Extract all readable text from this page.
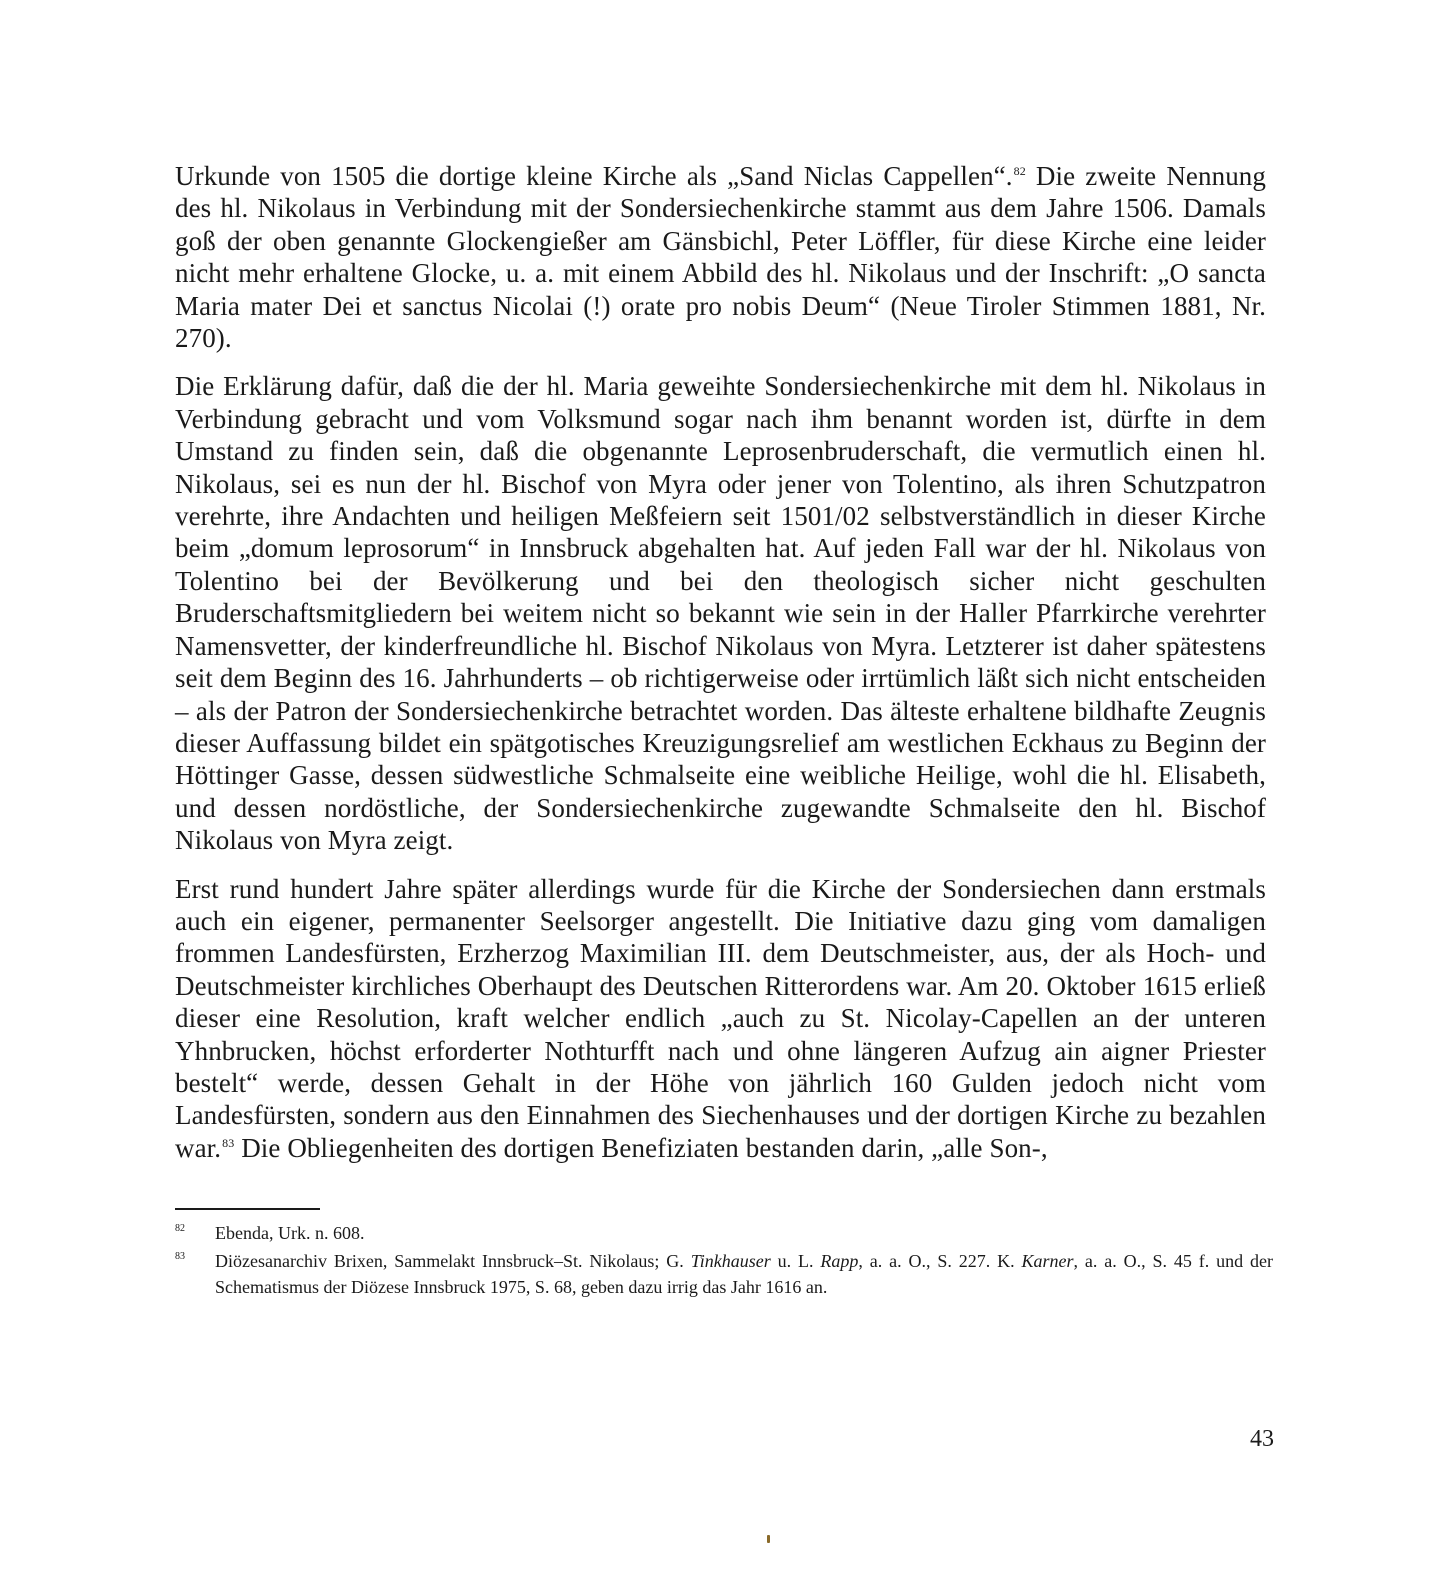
Urkunde von 1505 die dortige kleine Kirche als „Sand Niclas Cappellen“.$^{82}$ Die zweite Nennung des hl. Nikolaus in Verbindung mit der Sondersiechenkirche stammt aus dem Jahre 1506. Damals goß der oben genannte Glockengießer am Gänsbichl, Peter Löffler, für diese Kirche eine leider nicht mehr erhaltene Glocke, u. a. mit einem Abbild des hl. Nikolaus und der Inschrift: „O sancta Maria mater Dei et sanctus Nicolai (!) orate pro nobis Deum“ (Neue Tiroler Stimmen 1881, Nr. 270).

Die Erklärung dafür, daß die der hl. Maria geweihte Sondersiechenkirche mit dem hl. Nikolaus in Verbindung gebracht und vom Volksmund sogar nach ihm benannt worden ist, dürfte in dem Umstand zu finden sein, daß die obgenannte Leprosenbruderschaft, die vermutlich einen hl. Nikolaus, sei es nun der hl. Bischof von Myra oder jener von Tolentino, als ihren Schutzpatron verehrte, ihre Andachten und heiligen Meßfeiern seit 1501/02 selbstverständlich in dieser Kirche beim „domum leprosorum“ in Innsbruck abgehalten hat. Auf jeden Fall war der hl. Nikolaus von Tolentino bei der Bevölkerung und bei den theologisch sicher nicht geschulten Bruderschaftsmitgliedern bei weitem nicht so bekannt wie sein in der Haller Pfarrkirche verehrter Namensvetter, der kinderfreundliche hl. Bischof Nikolaus von Myra. Letzterer ist daher spätestens seit dem Beginn des 16. Jahrhunderts – ob richtigerweise oder irrtümlich läßt sich nicht entscheiden – als der Patron der Sondersiechenkirche betrachtet worden. Das älteste erhaltene bildhafte Zeugnis dieser Auffassung bildet ein spätgotisches Kreuzigungsrelief am westlichen Eckhaus zu Beginn der Höttinger Gasse, dessen südwestliche Schmalseite eine weibliche Heilige, wohl die hl. Elisabeth, und dessen nordöstliche, der Sondersiechenkirche zugewandte Schmalseite den hl. Bischof Nikolaus von Myra zeigt.

Erst rund hundert Jahre später allerdings wurde für die Kirche der Sondersiechen dann erstmals auch ein eigener, permanenter Seelsorger angestellt. Die Initiative dazu ging vom damaligen frommen Landesfürsten, Erzherzog Maximilian III. dem Deutschmeister, aus, der als Hoch- und Deutschmeister kirchliches Oberhaupt des Deutschen Ritterordens war. Am 20. Oktober 1615 erließ dieser eine Resolution, kraft welcher endlich „auch zu St. Nicolay-Capellen an der unteren Yhnbrucken, höchst erforderter Nothturfft nach und ohne längeren Aufzug ain aigner Priester bestelt“ werde, dessen Gehalt in der Höhe von jährlich 160 Gulden jedoch nicht vom Landesfürsten, sondern aus den Einnahmen des Siechenhauses und der dortigen Kirche zu bezahlen war.$^{83}$ Die Obliegenheiten des dortigen Benefiziaten bestanden darin, „alle Son-,

82	Ebenda, Urk. n. 608.
83	Diözesanarchiv Brixen, Sammelakt Innsbruck–St. Nikolaus; G. Tinkhauser u. L. Rapp, a. a. O., S. 227. K. Karner, a. a. O., S. 45 f. und der Schematismus der Diözese Innsbruck 1975, S. 68, geben dazu irrig das Jahr 1616 an.
43
